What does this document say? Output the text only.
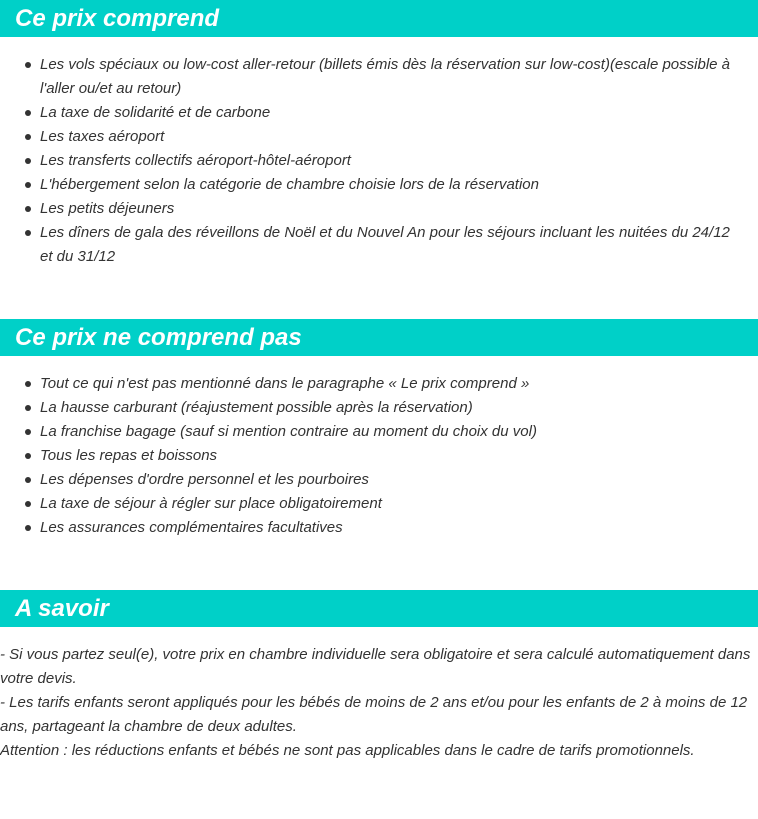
Ce prix comprend
Les vols spéciaux ou low-cost aller-retour (billets émis dès la réservation sur low-cost)(escale possible à l'aller ou/et au retour)
La taxe de solidarité et de carbone
Les taxes aéroport
Les transferts collectifs aéroport-hôtel-aéroport
L'hébergement selon la catégorie de chambre choisie lors de la réservation
Les petits déjeuners
Les dîners de gala des réveillons de Noël et du Nouvel An pour les séjours incluant les nuitées du 24/12 et du 31/12
Ce prix ne comprend pas
Tout ce qui n'est pas mentionné dans le paragraphe « Le prix comprend »
La hausse carburant (réajustement possible après la réservation)
La franchise bagage (sauf si mention contraire au moment du choix du vol)
Tous les repas et boissons
Les dépenses d'ordre personnel et les pourboires
La taxe de séjour à régler sur place obligatoirement
Les assurances complémentaires facultatives
A savoir

- Si vous partez seul(e), votre prix en chambre individuelle sera obligatoire et sera calculé automatiquement dans votre devis.

- Les tarifs enfants seront appliqués pour les bébés de moins de 2 ans et/ou pour les enfants de 2 à moins de 12 ans, partageant la chambre de deux adultes.

Attention : les réductions enfants et bébés ne sont pas applicables dans le cadre de tarifs promotionnels.
